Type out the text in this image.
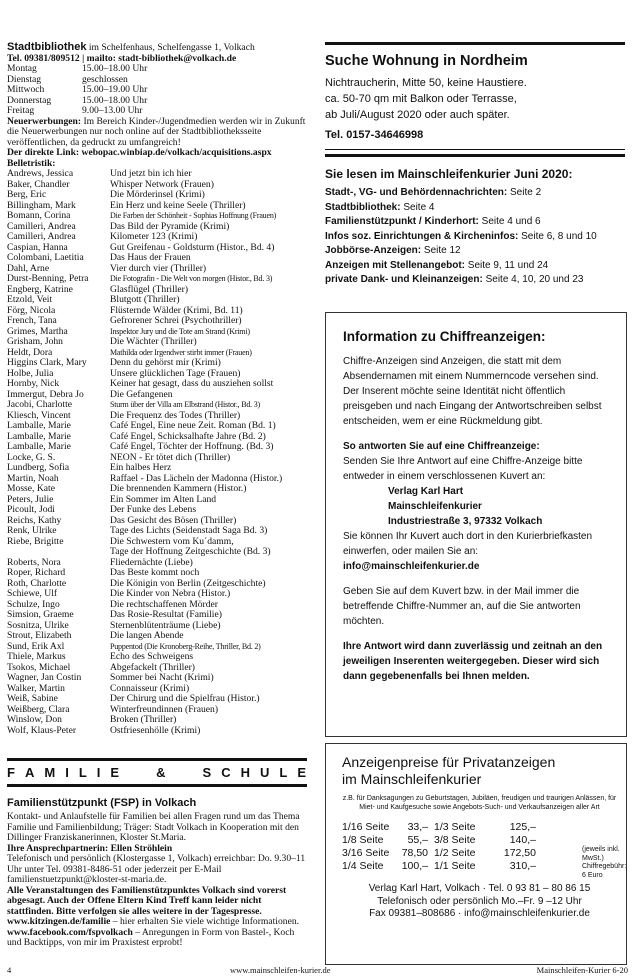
Stadtbibliothek im Schelfenhaus, Schelfengasse 1, Volkach
Tel. 09381/809512 | mailto: stadt-bibliothek@volkach.de
Montag	15.00–18.00 Uhr
Dienstag	geschlossen
Mittwoch	15.00–19.00 Uhr
Donnerstag	15.00–18.00 Uhr
Freitag	9.00–13.00 Uhr
Neuerwerbungen: Im Bereich Kinder-/Jugendmedien werden wir in Zukunft die Neuerwerbungen nur noch online auf der Stadtbibliotheksseite veröffentlichen, da gedruckt zu umfangreich!
Der direkte Link: webopac.winbiap.de/volkach/acquisitions.aspx
Belletristik:
Andrews, Jessica	Und jetzt bin ich hier
Baker, Chandler	Whisper Network (Frauen)
Berg, Eric	Die Mörderinsel (Krimi)
Billingham, Mark	Ein Herz und keine Seele (Thriller)
Bomann, Corina	Die Farben der Schönheit - Sophias Hoffnung (Frauen)
Camilleri, Andrea	Das Bild der Pyramide (Krimi)
Camilleri, Andrea	Kilometer 123 (Krimi)
Caspian, Hanna	Gut Greifenau - Goldsturm (Histor., Bd. 4)
Colombani, Laetitia	Das Haus der Frauen
Dahl, Arne	Vier durch vier (Thriller)
Durst-Benning, Petra	Die Fotografin - Die Welt von morgen (Histor., Bd. 3)
Engberg, Katrine	Glasflügel (Thriller)
Etzold, Veit	Blutgott (Thriller)
Förg, Nicola	Flüsternde Wälder (Krimi, Bd. 11)
French, Tana	Gefrorener Schrei (Psychothriller)
Grimes, Martha	Inspektor Jury und die Tote am Strand (Krimi)
Grisham, John	Die Wächter (Thriller)
Heldt, Dora	Mathilda oder Irgendwer stirbt immer (Frauen)
Higgins Clark, Mary	Denn du gehörst mir (Krimi)
Holbe, Julia	Unsere glücklichen Tage (Frauen)
Hornby, Nick	Keiner hat gesagt, dass du ausziehen sollst
Immergut, Debra Jo	Die Gefangenen
Jacobi, Charlotte	Sturm über der Villa am Elbstrand (Histor., Bd. 3)
Kliesch, Vincent	Die Frequenz des Todes (Thriller)
Lamballe, Marie	Café Engel, Eine neue Zeit. Roman (Bd. 1)
Lamballe, Marie	Café Engel, Schicksalhafte Jahre (Bd. 2)
Lamballe, Marie	Café Engel, Töchter der Hoffnung. (Bd. 3)
Locke, G. S.	NEON - Er tötet dich (Thriller)
Lundberg, Sofia	Ein halbes Herz
Martin, Noah	Raffael - Das Lächeln der Madonna (Histor.)
Mosse, Kate	Die brennenden Kammern (Histor.)
Peters, Julie	Ein Sommer im Alten Land
Picoult, Jodi	Der Funke des Lebens
Reichs, Kathy	Das Gesicht des Bösen (Thriller)
Renk, Ulrike	Tage des Lichts (Seidenstadt Saga Bd. 3)
Riebe, Brigitte	Die Schwestern vom Ku´damm,
Tage der Hoffnung Zeitgeschichte (Bd. 3)
Roberts, Nora	Fliedernächte (Liebe)
Roper, Richard	Das Beste kommt noch
Roth, Charlotte	Die Königin von Berlin (Zeitgeschichte)
Schiewe, Ulf	Die Kinder von Nebra (Histor.)
Schulze, Ingo	Die rechtschaffenen Mörder
Simsion, Graeme	Das Rosie-Resultat (Familie)
Sosnitza, Ulrike	Sternenblütenträume (Liebe)
Strout, Elizabeth	Die langen Abende
Sund, Erik Axl	Puppentod (Die Kronoberg-Reihe, Thriller, Bd. 2)
Thiele, Markus	Echo des Schweigens
Tsokos, Michael	Abgefackelt (Thriller)
Wagner, Jan Costin	Sommer bei Nacht (Krimi)
Walker, Martin	Connaisseur (Krimi)
Weiß, Sabine	Der Chirurg und die Spielfrau (Histor.)
Weißberg, Clara	Winterfreundinnen (Frauen)
Winslow, Don	Broken (Thriller)
Wolf, Klaus-Peter	Ostfriesenhölle (Krimi)
F A M I L I E	&	S C H U L E
Familienstützpunkt (FSP) in Volkach
Kontakt- und Anlaufstelle für Familien bei allen Fragen rund um das Thema Familie und Familienbildung; Träger: Stadt Volkach in Kooperation mit den Dillinger Franziskanerinnen, Kloster St.Maria.
Ihre Ansprechpartnerin: Ellen Ströhlein
Telefonisch und persönlich (Klostergasse 1, Volkach) erreichbar: Do. 9.30–11 Uhr unter Tel. 09381-8486-51 oder jederzeit per E-Mail familienstuetzpunkt@kloster-st-maria.de.
Alle Veranstaltungen des Familienstützpunktes Volkach sind vorerst abgesagt. Auch der Offene Eltern Kind Treff kann leider nicht stattfinden. Bitte verfolgen sie alles weitere in der Tagespresse.
www.kitzingen.de/familie – hier erhalten Sie viele wichtige Informationen.
www.facebook.com/fspvolkach – Anregungen in Form von Bastel-, Koch und Backtipps, von mir im Praxistest erprobt!
Suche Wohnung in Nordheim
Nichtraucherin, Mitte 50, keine Haustiere.
ca. 50-70 qm mit Balkon oder Terrasse,
ab Juli/August 2020 oder auch später.
Tel. 0157-34646998
Sie lesen im Mainschleifenkurier Juni 2020:

Stadt-, VG- und Behördennachrichten: Seite 2

Stadtbibliothek: Seite 4

Familienstützpunkt / Kinderhort: Seite 4 und 6

Infos soz. Einrichtungen & Kircheninfos: Seite 6, 8 und 10

Jobbörse-Anzeigen: Seite 12

Anzeigen mit Stellenangebot: Seite 9, 11 und 24

private Dank- und Kleinanzeigen: Seite 4, 10, 20 und 23

Information zu Chiffreanzeigen:

Chiffre-Anzeigen sind Anzeigen, die statt mit dem Absendernamen mit einem Nummerncode versehen sind. Der Inserent möchte seine Identität nicht öffentlich preisgeben und nach Eingang der Antwortschreiben selbst entscheiden, wem er eine Rückmeldung gibt.

So antworten Sie auf eine Chiffreanzeige:

Senden Sie Ihre Antwort auf eine Chiffre-Anzeige bitte entweder in einem verschlossenen Kuvert an:

Verlag Karl Hart
Mainschleifenkurier
Industriestraße 3, 97332 Volkach

Sie können Ihr Kuvert auch dort in den Kurierbriefkasten einwerfen, oder mailen Sie an:

info@mainschleifenkurier.de

Geben Sie auf dem Kuvert bzw. in der Mail immer die betreffende Chiffre-Nummer an, auf die Sie antworten möchten.

Ihre Antwort wird dann zuverlässig und zeitnah an den jeweiligen Inserenten weitergegeben. Dieser wird sich dann gegebenenfalls bei Ihnen melden.

Anzeigenpreise für Privatanzeigen
im Mainschleifenkurier
z.B. für Danksagungen zu Geburtstagen, Jubiläen, freudigen und traurigen Anlässen, für Miet- und Kaufgesuche sowie Angebots-Such- und Verkaufsanzeigen aller Art
1/16 Seite	33,– 1/3 Seite	125,–
1/8 Seite	55,– 3/8 Seite	140,–
3/16 Seite	78,50 1/2 Seite	172,50
1/4 Seite	100,– 1/1 Seite	310,–
Verlag Karl Hart, Volkach · Tel. 0 93 81 – 80 86 15
Telefonisch oder persönlich Mo.–Fr. 9 –12 Uhr
Fax 09381–808686 · info@mainschleifenkurier.de
(jeweils inkl. MwSt.) Chiffregebühr: 6 Euro
4	www.mainschleifen-kurier.de	Mainschleifen-Kurier 6-20
